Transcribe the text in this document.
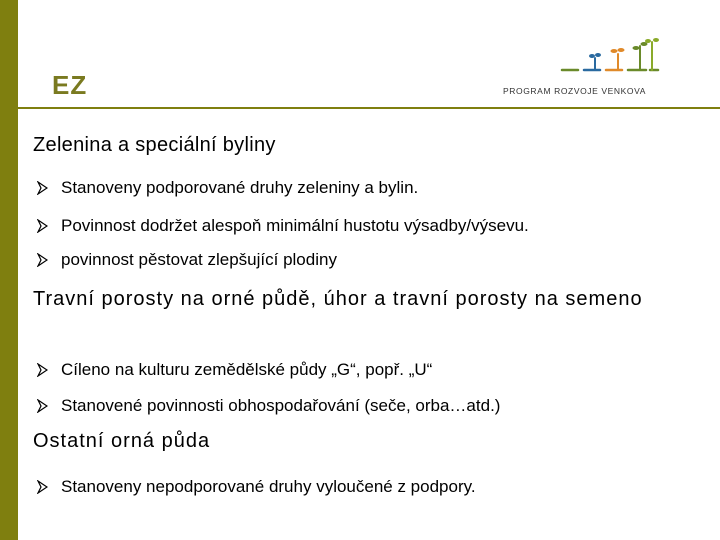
EZ	PROGRAM ROZVOJE VENKOVA
Zelenina a speciální byliny
Stanoveny podporované druhy zeleniny a bylin.
Povinnost dodržet alespoň minimální hustotu výsadby/výsevu.
povinnost pěstovat zlepšující plodiny
Travní porosty na orné půdě, úhor a travní porosty na semeno
Cíleno na kulturu zemědělské půdy „G“, popř. „U“
Stanovené povinnosti obhospodařování (seče, orba…atd.)
Ostatní orná půda
Stanoveny nepodporované druhy vyloučené z podpory.
